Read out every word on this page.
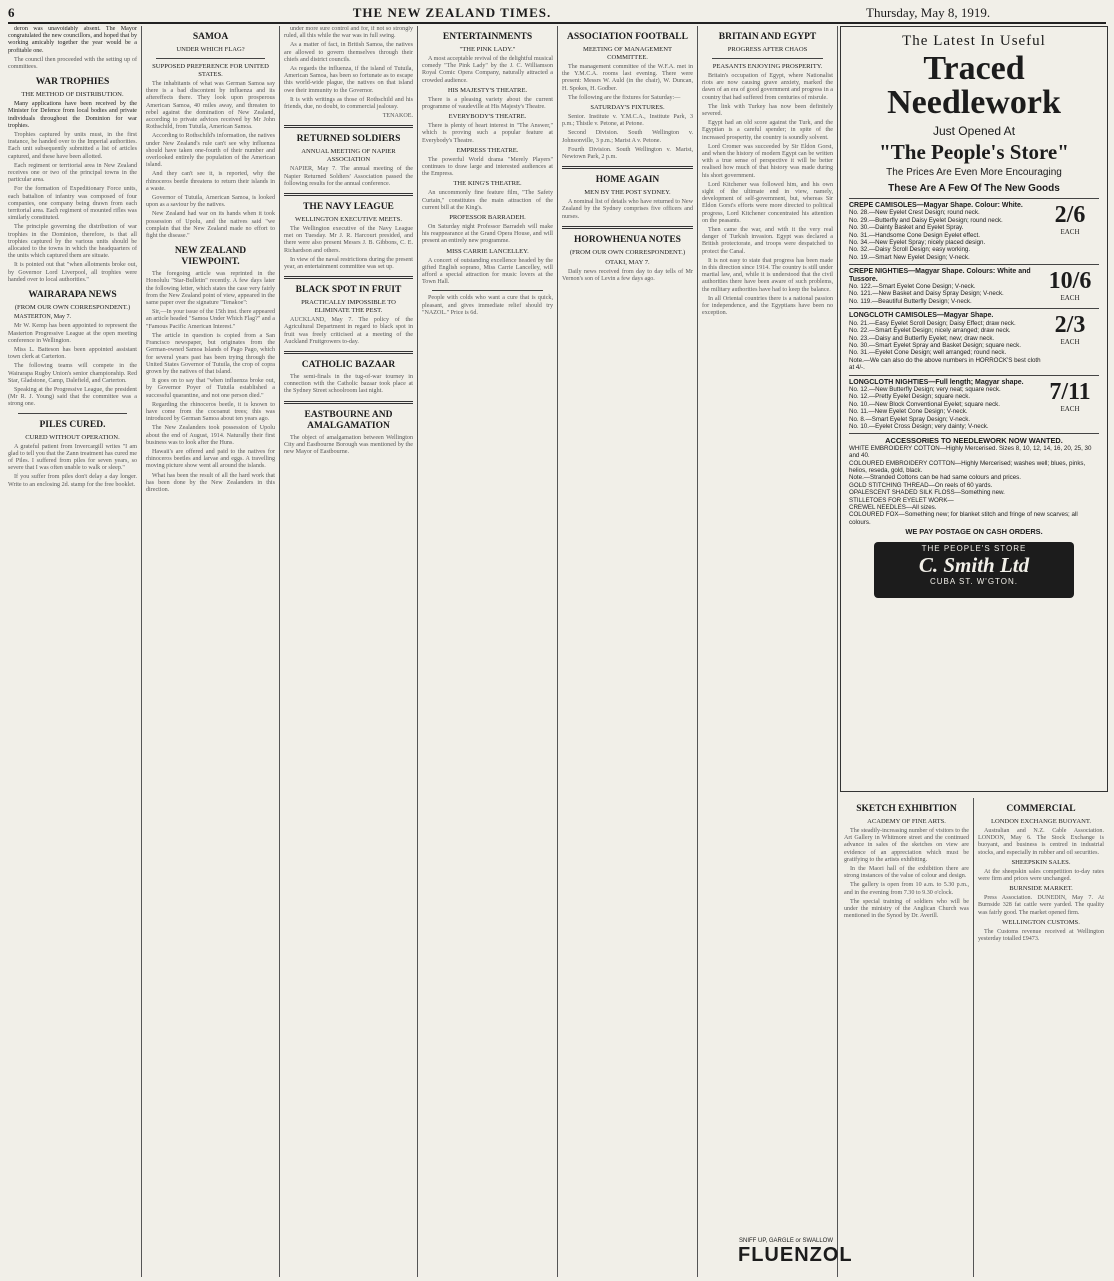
6	THE NEW ZEALAND TIMES.	Thursday, May 8, 1919.

deron was unavoidably absent. The Mayor congratulated the new councillors, and hoped that by working amicably together the year would be a profitable one.

The council then proceeded with the setting up of committees.

WAR TROPHIES
THE METHOD OF DISTRIBUTION.

Many applications have been received by the Minister for Defence from local bodies and private individuals throughout the Dominion for war trophies.

Trophies captured by units must, in the first instance, be handed over to the Imperial authorities. Each unit subsequently submitted a list of articles captured, and these have been allotted.

Each regiment or territorial area in New Zealand receives one or two of the principal towns in the particular area.

For the formation of Expeditionary Force units, each battalion of infantry was composed of four companies, one company being drawn from each territorial area. Each regiment of mounted rifles was similarly constituted.

The principle governing the distribution of war trophies in the Dominion, therefore, is that all trophies captured by the various units should be allocated to the towns in which the headquarters of the units which captured them are situate.

It is pointed out that "when allotments broke out, by Governor Lord Liverpool, all trophies were handed over to local authorities."

WAIRARAPA NEWS
(FROM OUR OWN CORRESPONDENT.)

MASTERTON, May 7.

Mr W. Kemp has been appointed to represent the Masterton Progressive League at the open meeting conference in Wellington.

Miss L. Batteson has been appointed assistant town clerk at Carterton.

The following teams will compete in the Wairarapa Rugby Union's senior championship. Red Star, Gladstone, Camp, Dalefield, and Carterton.

Speaking at the Progressive League, the president (Mr R. J. Young) said that the committee was a strong one.

PILES CURED.
CURED WITHOUT OPERATION.

A grateful patient from Invercargill writes "I am glad to tell you that the Zann treatment has cured me of Piles. I suffered from piles for seven years, so severe that I was often unable to walk or sleep."

If you suffer from piles don't delay a day longer. Write to an enclosing 2d. stamp for the free booklet.

SAMOA
UNDER WHICH FLAG?
SUPPOSED PREFERENCE FOR UNITED STATES.

The inhabitants of what was German Samoa say there is a bad discontent by influenza and its aftereffects there. They look upon prosperous American Samoa, 40 miles away, and threaten to rebel against the domination of New Zealand, according to private advices received by Mr John Rothschild, from Tutuila, American Samoa.

According to Rothschild's information, the natives under New Zealand's rule can't see why influenza should have taken one-fourth of their number and overlooked entirely the population of the American island.

And they can't see it, is reported, why the rhinoceros beetle threatens to return their islands in a waste.

Governor of Tutuila, American Samoa, is looked upon as a saviour by the natives.

New Zealand had war on its hands when it took possession of Upolu, and the natives said "we complain that the New Zealand made no effort to fight the disease."

NEW ZEALAND VIEWPOINT.

The foregoing article was reprinted in the Honolulu "Star-Bulletin" recently. A few days later the following letter, which states the case very fairly from the New Zealand point of view, appeared in the same paper over the signature "Tenakoe":

Sir,—In your issue of the 15th inst. there appeared an article headed "Samoa Under Which Flag?" and a "Famous Pacific American Interest."

The article in question is copied from a San Francisco newspaper, but originates from the German-owned Samoa Islands of Pago Pago, which for several years past has been trying through the United States Governor of Tutuila, the crop of copra grown by the natives of that island.

It goes on to say that "when influenza broke out, by Governor Poyer of Tutuila established a successful quarantine, and not one person died."

Regarding the rhinoceros beetle, it is known to have come from the cocoanut trees; this was introduced by German Samoa about ten years ago.

The New Zealanders took possession of Upolu about the end of August, 1914. Naturally their first business was to look after the Huns.

Hawaii's are offered and paid to the natives for rhinoceros beetles and larvae and eggs. A travelling moving picture show went all around the islands.

What has been the result of all the hard work that has been done by the New Zealanders in this direction.

under more sure control and for, if not so strongly ruled, all this while the war was in full swing.

As a matter of fact, in British Samoa, the natives are allowed to govern themselves through their chiefs and district councils.

As regards the influenza, if the island of Tutuila, American Samoa, has been so fortunate as to escape this world-wide plague, the natives on that island owe their immunity to the Governor.

It is with writings as those of Rothschild and his friends, due, no doubt, to commercial jealousy.

TENAKOE.

RETURNED SOLDIERS
ANNUAL MEETING OF NAPIER ASSOCIATION

NAPIER, May 7. The annual meeting of the Napier Returned Soldiers' Association passed the following results for the annual conference.

THE NAVY LEAGUE
WELLINGTON EXECUTIVE MEETS.

The Wellington executive of the Navy League met on Tuesday. Mr J. R. Harcourt presided, and there were also present Messrs J. B. Gibbons, C. E. Richardson and others.

In view of the naval restrictions during the present year, an entertainment committee was set up.

BLACK SPOT IN FRUIT
PRACTICALLY IMPOSSIBLE TO ELIMINATE THE PEST.

AUCKLAND, May 7. The policy of the Agricultural Department in regard to black spot in fruit was freely criticised at a meeting of the Auckland Fruitgrowers to-day.

CATHOLIC BAZAAR

The semi-finals in the tug-of-war tourney in connection with the Catholic bazaar took place at the Sydney Street schoolroom last night.

EASTBOURNE AND AMALGAMATION

The object of amalgamation between Wellington City and Eastbourne Borough was mentioned by the new Mayor of Eastbourne.

ENTERTAINMENTS
"THE PINK LADY."

A most acceptable revival of the delightful musical comedy "The Pink Lady" by the J. C. Williamson Royal Comic Opera Company, naturally attracted a crowded audience.

HIS MAJESTY'S THEATRE.

There is a pleasing variety about the current programme of vaudeville at His Majesty's Theatre.

EVERYBODY'S THEATRE.

There is plenty of heart interest in "The Answer," which is proving such a popular feature at Everybody's Theatre.

EMPRESS THEATRE.

The powerful World drama "Merely Players" continues to draw large and interested audiences at the Empress.

THE KING'S THEATRE.

An uncommonly fine feature film, "The Safety Curtain," constitutes the main attraction of the current bill at the King's.

PROFESSOR BARRADEH.

On Saturday night Professor Barradeh will make his reappearance at the Grand Opera House, and will present an entirely new programme.

MISS CARRIE LANCELLEY.

A concert of outstanding excellence headed by the gifted English soprano, Miss Carrie Lancelley, will afford a special attraction for music lovers at the Town Hall.

People with colds who want a cure that is quick, pleasant, and gives immediate relief should try "NAZOL." Price is 6d.

ASSOCIATION FOOTBALL
MEETING OF MANAGEMENT COMMITTEE.

The management committee of the W.F.A. met in the Y.M.C.A. rooms last evening. There were present: Messrs W. Auld (in the chair), W. Duncan, H. Spokes, H. Godber.

The following are the fixtures for Saturday:—

SATURDAY'S FIXTURES.

Senior. Institute v. Y.M.C.A., Institute Park, 3 p.m.; Thistle v. Petone, at Petone.

Second Division. South Wellington v. Johnsonville, 3 p.m.; Marist A v. Petone.

Fourth Division. South Wellington v. Marist, Newtown Park, 2 p.m.

HOME AGAIN
MEN BY THE POST SYDNEY.

A nominal list of details who have returned to New Zealand by the Sydney comprises five officers and nurses.

HOROWHENUA NOTES
(FROM OUR OWN CORRESPONDENT.)
OTAKI, MAY 7.

Daily news received from day to day tells of Mr Vernon's son of Levin a few days ago.

BRITAIN AND EGYPT
PROGRESS AFTER CHAOS
PEASANTS ENJOYING PROSPERITY.

Britain's occupation of Egypt, where Nationalist riots are now causing grave anxiety, marked the dawn of an era of good government and progress in a country that had suffered from centuries of misrule.

The link with Turkey has now been definitely severed.

Egypt had an old score against the Turk, and the Egyptian is a careful spender; in spite of the increased prosperity, the country is soundly solvent.

Lord Cromer was succeeded by Sir Eldon Gorst, and when the history of modern Egypt can be written with a true sense of perspective it will be better realised how much of that history was made during his short government.

Lord Kitchener was followed him, and his own sight of the ultimate end in view, namely, development of self-government, but, whereas Sir Eldon Gorst's efforts were more directed to political progress, Lord Kitchener concentrated his attention on the peasants.

Then came the war, and with it the very real danger of Turkish invasion. Egypt was declared a British protectorate, and troops were despatched to protect the Canal.

It is not easy to state that progress has been made in this direction since 1914. The country is still under martial law, and, while it is understood that the civil authorities there have been aware of such problems, the military authorities have had to keep the balance.

In all Oriental countries there is a national passion for independence, and the Egyptians have been no exception.

The Latest In Useful
Traced
Needlework
Just Opened At
"The People's Store"
The Prices Are Even More Encouraging
These Are A Few Of The New Goods
CREPE CAMISOLES—Magyar Shape. Colour: White.
No. 28.—New Eyelet Crest Design; round neck.
No. 29.—Butterfly and Daisy Eyelet Design; round neck.
No. 30.—Dainty Basket and Eyelet Spray.
No. 31.—Handsome Cone Design Eyelet effect.
No. 34.—New Eyelet Spray; nicely placed design.
No. 32.—Daisy Scroll Design; easy working.
No. 19.—Smart New Eyelet Design; V-neck.
2/6
EACH
CREPE NIGHTIES—Magyar Shape. Colours: White and Tussore.
No. 122.—Smart Eyelet Cone Design; V-neck.
No. 121.—New Basket and Daisy Spray Design; V-neck.
No. 119.—Beautiful Butterfly Design; V-neck.
10/6
EACH
LONGCLOTH CAMISOLES—Magyar Shape.
No. 21.—Easy Eyelet Scroll Design; Daisy Effect; draw neck.
No. 22.—Smart Eyelet Design; nicely arranged; draw neck.
No. 23.—Daisy and Butterfly Eyelet; new; draw neck.
No. 30.—Smart Eyelet Spray and Basket Design; square neck.
No. 31.—Eyelet Cone Design; well arranged; round neck.
Note.—We can also do the above numbers in HORROCK'S best cloth at 4/-.
2/3
EACH
LONGCLOTH NIGHTIES—Full length; Magyar shape.
No. 12.—New Butterfly Design; very neat; square neck.
No. 12.—Pretty Eyelet Design; square neck.
No. 10.—New Block Conventional Eyelet; square neck.
No. 11.—New Eyelet Cone Design; V-neck.
No. 8.—Smart Eyelet Spray Design; V-neck.
No. 10.—Eyelet Cross Design; very dainty; V-neck.
7/11
EACH
ACCESSORIES TO NEEDLEWORK NOW WANTED.
WHITE EMBROIDERY COTTON—Highly Mercerised. Sizes 8, 10, 12, 14, 16, 20, 25, 30 and 40.
COLOURED EMBROIDERY COTTON—Highly Mercerised; washes well; blues, pinks, helios, reseda, gold, black.
Note.—Stranded Cottons can be had same colours and prices.
GOLD STITCHING THREAD—On reels of 60 yards.
OPALESCENT SHADED SILK FLOSS—Something new.
STILLETOES FOR EYELET WORK—
CREWEL NEEDLES—All sizes.
COLOURED FOX—Something new; for blanket stitch and fringe of new scarves; all colours.
WE PAY POSTAGE ON CASH ORDERS.
THE PEOPLE'S STORE
C. Smith Ltd
CUBA ST. W'GTON.
SKETCH EXHIBITION
ACADEMY OF FINE ARTS.

The steadily-increasing number of visitors to the Art Gallery in Whitmore street and the continued advance in sales of the sketches on view are evidence of an appreciation which must be gratifying to the artists exhibiting.

In the Maori hall of the exhibition there are strong instances of the value of colour and design.

The gallery is open from 10 a.m. to 5.30 p.m., and in the evening from 7.30 to 9.30 o'clock.

The special training of soldiers who will be under the ministry of the Anglican Church was mentioned in the Synod by Dr. Averill.

COMMERCIAL
LONDON EXCHANGE BUOYANT.

Australian and N.Z. Cable Association. LONDON, May 6. The Stock Exchange is buoyant, and business is centred in industrial stocks, and especially in rubber and oil securities.

SHEEPSKIN SALES.

At the sheepskin sales competition to-day rates were firm and prices were unchanged.

BURNSIDE MARKET.

Press Association. DUNEDIN, May 7. At Burnside 328 fat cattle were yarded. The quality was fairly good. The market opened firm.

WELLINGTON CUSTOMS.

The Customs revenue received at Wellington yesterday totalled £9473.

SNIFF UP, GARGLE or SWALLOW
FLUENZOL
